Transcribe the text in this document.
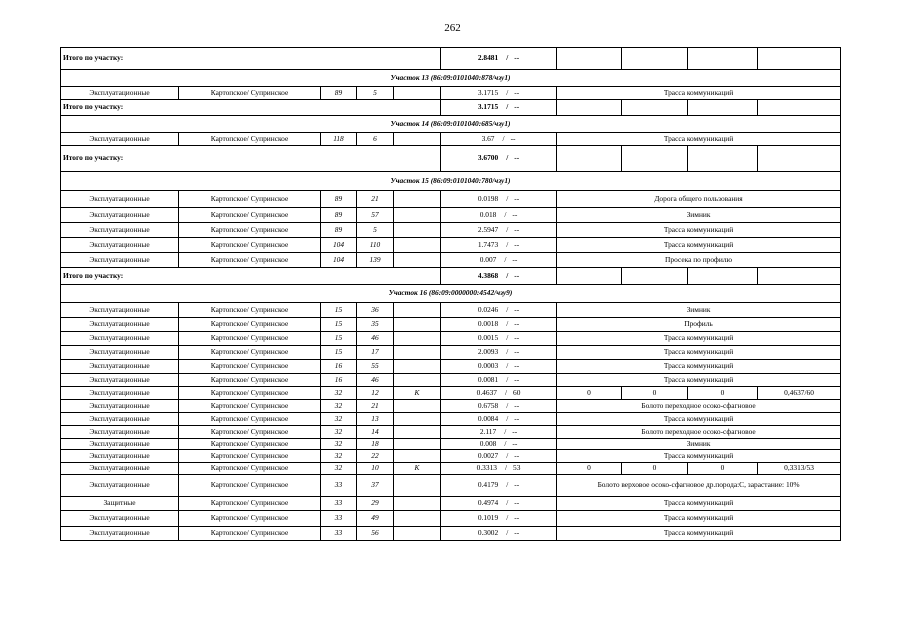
262
Итого по участку:					2.8481 / --				
Участок 13 (86:09:0101040:878/чзу1)									
Эксплуатационные	Картопское/ Супринское	89	5		3.1715 / --	Трасса коммуникаций			
Итого по участку:					3.1715 / --				
Участок 14 (86:09:0101040:685/чзу1)									
Эксплуатационные	Картопское/ Супринское	118	6		3.67 / --	Трасса коммуникаций			
Итого по участку:					3.6700 / --				
Участок 15 (86:09:0101040:780/чзу1)									
Эксплуатационные	Картопское/ Супринское	89	21		0.0198 / --	Дорога общего пользования			
Эксплуатационные	Картопское/ Супринское	89	57		0.018 / --	Зимник			
Эксплуатационные	Картопское/ Супринское	89	5		2.5947 / --	Трасса коммуникаций			
Эксплуатационные	Картопское/ Супринское	104	110		1.7473 / --	Трасса коммуникаций			
Эксплуатационные	Картопское/ Супринское	104	139		0.007 / --	Просека по профилю			
Итого по участку:					4.3868 / --				
Участок 16 (86:09:0000000:4542/чзу9)									
Эксплуатационные	Картопское/ Супринское	15	36		0.0246 / --	Зимник			
Эксплуатационные	Картопское/ Супринское	15	35		0.0018 / --	Профиль			
Эксплуатационные	Картопское/ Супринское	15	46		0.0015 / --	Трасса коммуникаций			
Эксплуатационные	Картопское/ Супринское	15	17		2.0093 / --	Трасса коммуникаций			
Эксплуатационные	Картопское/ Супринское	16	55		0.0003 / --	Трасса коммуникаций			
Эксплуатационные	Картопское/ Супринское	16	46		0.0081 / --	Трасса коммуникаций			
Эксплуатационные	Картопское/ Супринское	32	12	К	0.4637 / 60	0	0	0	0,4637/60
Эксплуатационные	Картопское/ Супринское	32	21		0.6758 / --	Болото переходное осоко-сфагновое			
Эксплуатационные	Картопское/ Супринское	32	13		0.0084 / --	Трасса коммуникаций			
Эксплуатационные	Картопское/ Супринское	32	14		2.117 / --	Болото переходное осоко-сфагновое			
Эксплуатационные	Картопское/ Супринское	32	18		0.008 / --	Зимник			
Эксплуатационные	Картопское/ Супринское	32	22		0.0027 / --	Трасса коммуникаций			
Эксплуатационные	Картопское/ Супринское	32	10	К	0.3313 / 53	0	0	0	0,3313/53
Эксплуатационные	Картопское/ Супринское	33	37		0.4179 / --	Болото верховое осоко-сфагновое др.порода:С, зарастание: 10%			
Защитные	Картопское/ Супринское	33	29		0.4974 / --	Трасса коммуникаций			
Эксплуатационные	Картопское/ Супринское	33	49		0.1019 / --	Трасса коммуникаций			
Эксплуатационные	Картопское/ Супринское	33	56		0.3002 / --	Трасса коммуникаций			
